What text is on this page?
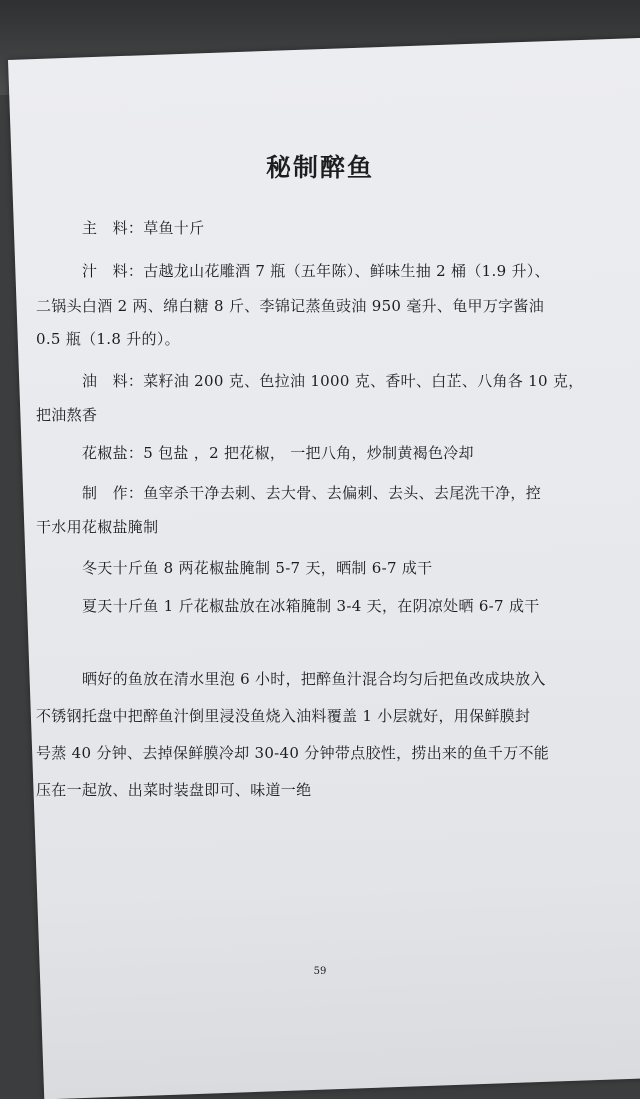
秘制醉鱼
主　料：草鱼十斤
汁　料：古越龙山花雕酒 7 瓶（五年陈）、鲜味生抽 2 桶（1.9 升）、
二锅头白酒 2 两、绵白糖 8 斤、李锦记蒸鱼豉油 950 毫升、龟甲万字酱油
0.5 瓶（1.8 升的）。
油　料：菜籽油 200 克、色拉油 1000 克、香叶、白芷、八角各 10 克，
把油熬香
花椒盐：5 包盐 ，2 把花椒， 一把八角，炒制黄褐色冷却
制　作：鱼宰杀干净去刺、去大骨、去偏刺、去头、去尾洗干净，控
干水用花椒盐腌制
冬天十斤鱼 8 两花椒盐腌制 5-7 天，晒制 6-7 成干
夏天十斤鱼 1 斤花椒盐放在冰箱腌制 3-4 天，在阴凉处晒 6-7 成干
晒好的鱼放在清水里泡 6 小时，把醉鱼汁混合均匀后把鱼改成块放入
不锈钢托盘中把醉鱼汁倒里浸没鱼烧入油料覆盖 1 小层就好，用保鲜膜封
号蒸 40 分钟、去掉保鲜膜冷却 30-40 分钟带点胶性，捞出来的鱼千万不能
压在一起放、出菜时装盘即可、味道一绝
59
